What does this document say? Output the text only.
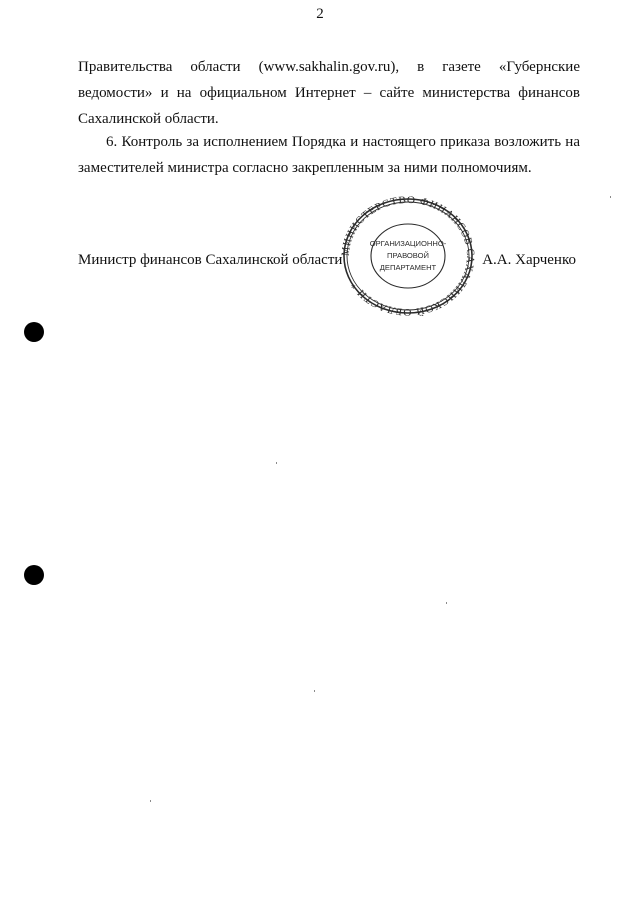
2
Правительства области (www.sakhalin.gov.ru), в газете «Губернские
ведомости» и на официальном Интернет – сайте министерства финансов
Сахалинской области.
6. Контроль за исполнением Порядка и настоящего приказа возложить на
заместителей министра согласно закрепленным за ними полномочиям.
Министр финансов Сахалинской области	А.А. Харченко
МИНИСТЕРСТВО ФИНАНСОВ САХАЛИНСКОЙ ОБЛАСТИ *
ОРГАНИЗАЦИОННО-
ПРАВОВОЙ
ДЕПАРТАМЕНТ
